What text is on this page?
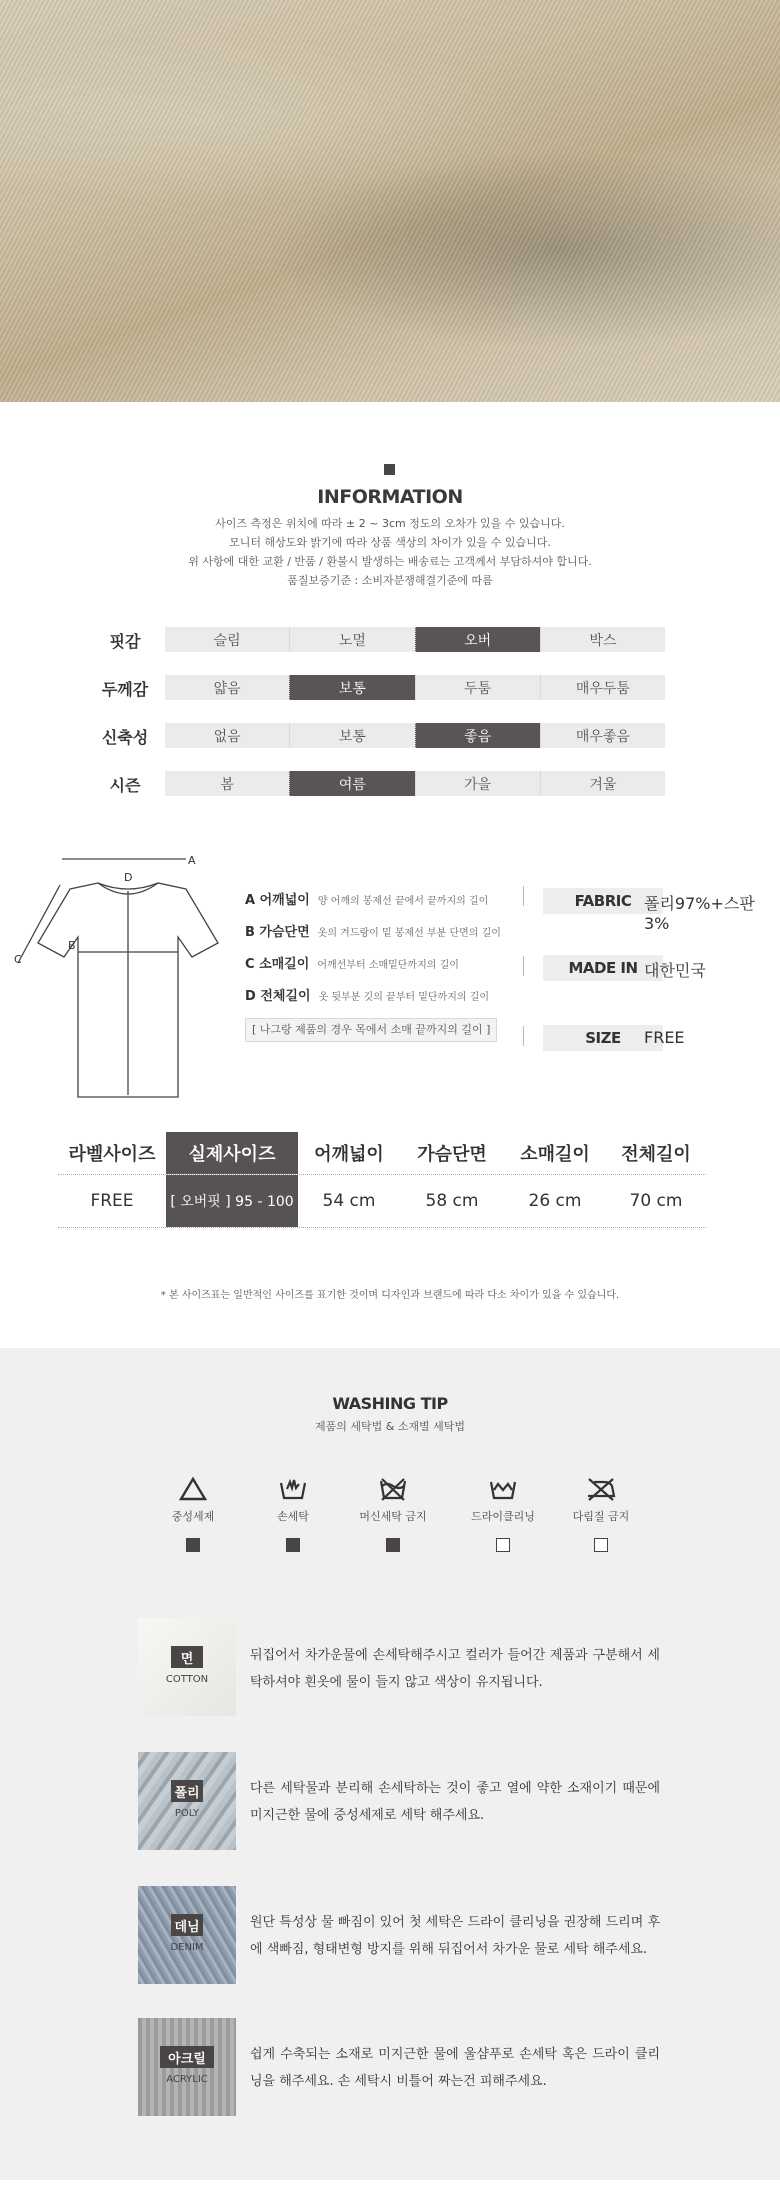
INFORMATION
사이즈 측정은 위치에 따라 ± 2 ~ 3cm 정도의 오차가 있을 수 있습니다.
모니터 해상도와 밝기에 따라 상품 색상의 차이가 있을 수 있습니다.
위 사항에 대한 교환 / 반품 / 환불시 발생하는 배송료는 고객께서 부담하셔야 합니다.
품질보증기준 : 소비자분쟁해결기준에 따름
핏감	슬림	노멀	오버	박스
두께감	얇음	보통	두툼	매우두툼
신축성	없음	보통	좋음	매우좋음
시즌	봄	여름	가을	겨울
A
D
B
C
A 어깨넓이 양 어깨의 봉제선 끝에서 끝까지의 길이
B 가슴단면 옷의 겨드랑이 밑 봉제선 부분 단면의 길이
C 소매길이 어깨선부터 소매밑단까지의 길이
D 전체길이 옷 뒷부분 깃의 끝부터 밑단까지의 길이
[ 나그랑 제품의 경우 목에서 소매 끝까지의 길이 ]
FABRIC 폴리97%+스판3%
MADE IN 대한민국
SIZE	FREE
라벨사이즈	실제사이즈	어깨넓이	가슴단면	소매길이	전체길이
FREE	[ 오버핏 ] 95 - 100	54 cm	58 cm	26 cm	70 cm
* 본 사이즈표는 일반적인 사이즈를 표기한 것이며 디자인과 브랜드에 따라 다소 차이가 있을 수 있습니다.
WASHING TIP
제품의 세탁법 & 소재별 세탁법
중성세제	손세탁	머신세탁 금지	드라이클리닝	다림질 금지
면
COTTON
뒤집어서 차가운물에 손세탁해주시고 컬러가 들어간 제품과 구분해서 세탁하셔야 흰옷에 물이 들지 않고 색상이 유지됩니다.
폴리
POLY
다른 세탁물과 분리해 손세탁하는 것이 좋고 열에 약한 소재이기 때문에 미지근한 물에 중성세제로 세탁 해주세요.
데님
DENIM
원단 특성상 물 빠짐이 있어 첫 세탁은 드라이 클리닝을 권장해 드리며 후에 색빠짐, 형태변형 방지를 위해 뒤집어서 차가운 물로 세탁 해주세요.
아크릴
ACRYLIC
쉽게 수축되는 소재로 미지근한 물에 울샴푸로 손세탁 혹은 드라이 클리닝을 해주세요. 손 세탁시 비틀어 짜는건 피해주세요.
